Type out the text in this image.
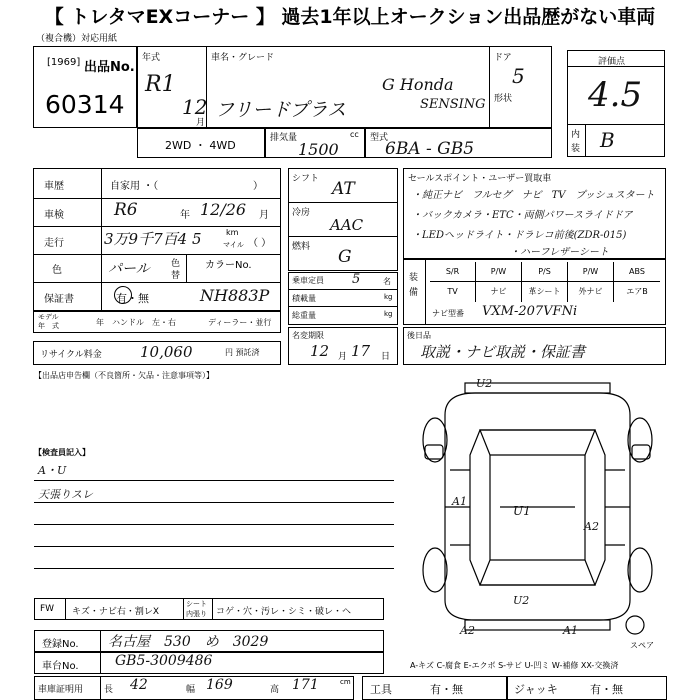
【 トレタマEXコーナー 】 過去1年以上オークション出品歴がない車両
（複合機）対応用紙
[1969] 出品No.
60314
年式
R1
12
月
車名・グレード
フリードプラス
G Honda
SENSING
ドア
5
形状
2WD ・ 4WD
排気量	cc
1500
型式
6BA - GB5
評価点
4.5
内
装 B
車歴	自家用 ・（	）
車検	R6	年 12/26 月
走行	3万9千7百4 5	km
マイル （ ）
色	パール 色
替
カラーNo.
保証書	有・無	NH883P
モデル
年　式	年　ハンドル　左・右	ディーラー・並行
リサイクル料金	10,060	円 預託済
シフト AT
冷房
AAC
燃料 G
乗車定員 5	名
積載量	kg
総重量	kg
名変期限
12 月 17 日
セールスポイント・ユーザー買取車
・純正ナビ　フルセグ　ナビ　TV　プッシュスタート
・バックカメラ・ETC・両側パワースライドドア
・LEDヘッドライト・ドラレコ前後(ZDR-015)
・ハーフレザーシート
装
備
S/R	P/W	P/S	P/W	ABS
TV	ナビ	革シート	外ナビ	エアB
ナビ型番 VXM-207VFNi
後日品
取説・ナビ取説・保証書
【出品店申告欄（不良箇所・欠品・注意事項等）】
【検査員記入】
A・U
天張りスレ
U2
A1
U1
A2
A2
U2
A1
スペア
FW キズ・ナビ右・割レX
シート
内張り コゲ・穴・汚レ・シミ・破レ・ヘ
登録No. 名古屋　530　め　3029
車台No.	GB5-3009486	A-キズ C-腐食 E-エクボ S-サビ U-凹ミ W-補修 XX-交換済
車庫証明用 長 42	幅 169	高 171	cm
工具	有・無	ジャッキ	有・無
